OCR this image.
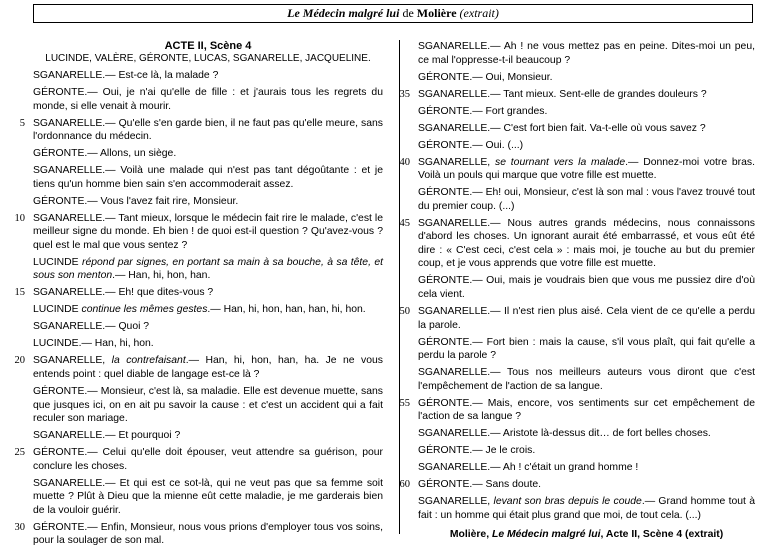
Le Médecin malgré lui de Molière (extrait)
ACTE II, Scène 4
LUCINDE, VALÈRE, GÉRONTE, LUCAS, SGANARELLE, JACQUELINE.

SGANARELLE.— Est-ce là, la malade ?

GÉRONTE.— Oui, je n'ai qu'elle de fille : et j'aurais tous les regrets du monde, si elle venait à mourir.

5 SGANARELLE.— Qu'elle s'en garde bien, il ne faut pas qu'elle meure, sans l'ordonnance du médecin.

GÉRONTE.— Allons, un siège.

SGANARELLE.— Voilà une malade qui n'est pas tant dégoûtante : et je tiens qu'un homme bien sain s'en accommoderait assez.

GÉRONTE.— Vous l'avez fait rire, Monsieur.

10 SGANARELLE.— Tant mieux, lorsque le médecin fait rire le malade, c'est le meilleur signe du monde. Eh bien ! de quoi est-il question ? Qu'avez-vous ? quel est le mal que vous sentez ?

LUCINDE répond par signes, en portant sa main à sa bouche, à sa tête, et sous son menton.— Han, hi, hon, han.

15 SGANARELLE.— Eh! que dites-vous ?

LUCINDE continue les mêmes gestes.— Han, hi, hon, han, han, hi, hon.

SGANARELLE.— Quoi ?

LUCINDE.— Han, hi, hon.

20 SGANARELLE, la contrefaisant.— Han, hi, hon, han, ha. Je ne vous entends point : quel diable de langage est-ce là ?

GÉRONTE.— Monsieur, c'est là, sa maladie. Elle est devenue muette, sans que jusques ici, on en ait pu savoir la cause : et c'est un accident qui a fait reculer son mariage.

SGANARELLE.— Et pourquoi ?

25 GÉRONTE.— Celui qu'elle doit épouser, veut attendre sa guérison, pour conclure les choses.

SGANARELLE.— Et qui est ce sot-là, qui ne veut pas que sa femme soit muette ? Plût à Dieu que la mienne eût cette maladie, je me garderais bien de la vouloir guérir.

30 GÉRONTE.— Enfin, Monsieur, nous vous prions d'employer tous vos soins, pour la soulager de son mal.

SGANARELLE.— Ah ! ne vous mettez pas en peine. Dites-moi un peu, ce mal l'oppresse-t-il beaucoup ?

GÉRONTE.— Oui, Monsieur.

35 SGANARELLE.— Tant mieux. Sent-elle de grandes douleurs ?

GÉRONTE.— Fort grandes.

SGANARELLE.— C'est fort bien fait. Va-t-elle où vous savez ?

GÉRONTE.— Oui. (...)

40 SGANARELLE, se tournant vers la malade.— Donnez-moi votre bras. Voilà un pouls qui marque que votre fille est muette.

GÉRONTE.— Eh! oui, Monsieur, c'est là son mal : vous l'avez trouvé tout du premier coup. (...)

45 SGANARELLE.— Nous autres grands médecins, nous connaissons d'abord les choses. Un ignorant aurait été embarrassé, et vous eût été dire : « C'est ceci, c'est cela » : mais moi, je touche au but du premier coup, et je vous apprends que votre fille est muette.

GÉRONTE.— Oui, mais je voudrais bien que vous me pussiez dire d'où cela vient.

50 SGANARELLE.— Il n'est rien plus aisé. Cela vient de ce qu'elle a perdu la parole.

GÉRONTE.— Fort bien : mais la cause, s'il vous plaît, qui fait qu'elle a perdu la parole ?

SGANARELLE.— Tous nos meilleurs auteurs vous diront que c'est l'empêchement de l'action de sa langue.

55 GÉRONTE.— Mais, encore, vos sentiments sur cet empêchement de l'action de sa langue ?

SGANARELLE.— Aristote là-dessus dit… de fort belles choses.

GÉRONTE.— Je le crois.

SGANARELLE.— Ah ! c'était un grand homme !

60 GÉRONTE.— Sans doute.

SGANARELLE, levant son bras depuis le coude.— Grand homme tout à fait : un homme qui était plus grand que moi, de tout cela. (...)

Molière, Le Médecin malgré lui, Acte II, Scène 4 (extrait)
